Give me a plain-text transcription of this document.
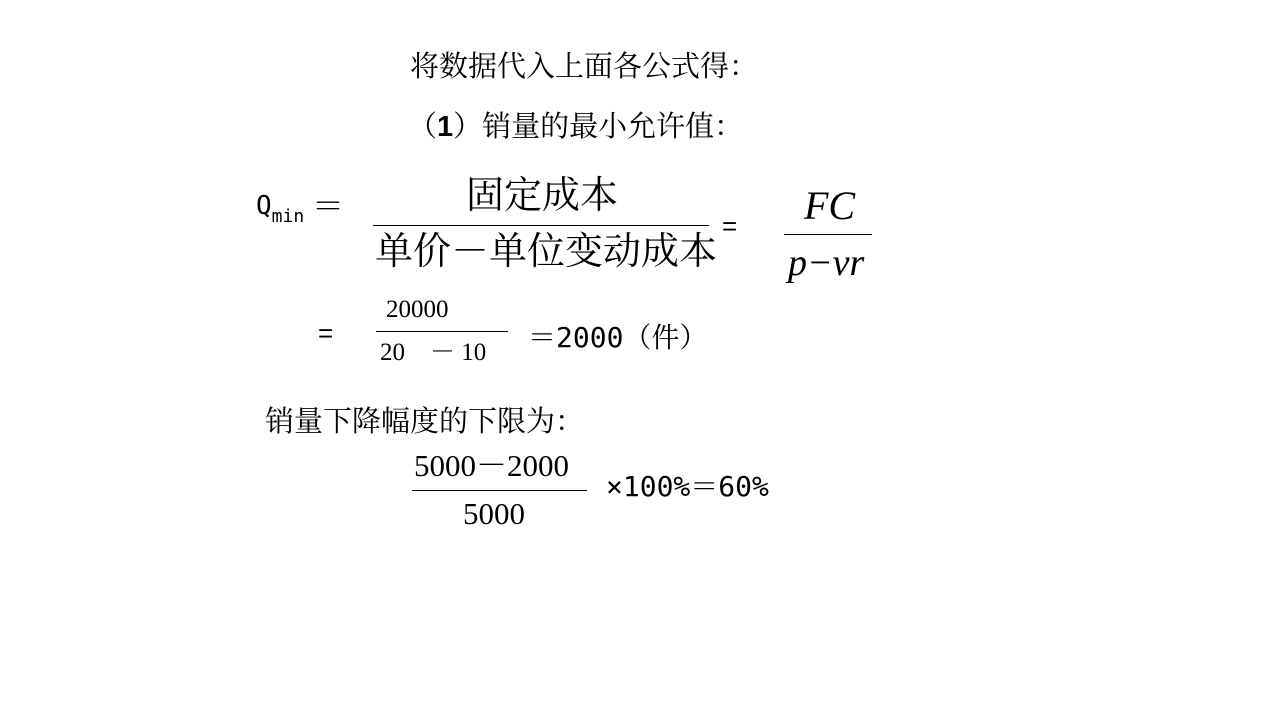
将数据代入上面各公式得：
（1）销量的最小允许值：
$Q_{min}$ ＝	固定成本
单价－单位变动成本
= FC
p−vr
=
20000
20　－ 10 ＝2000（件）
销量下降幅度的下限为：
5000－2000
5000
×100%＝60%
